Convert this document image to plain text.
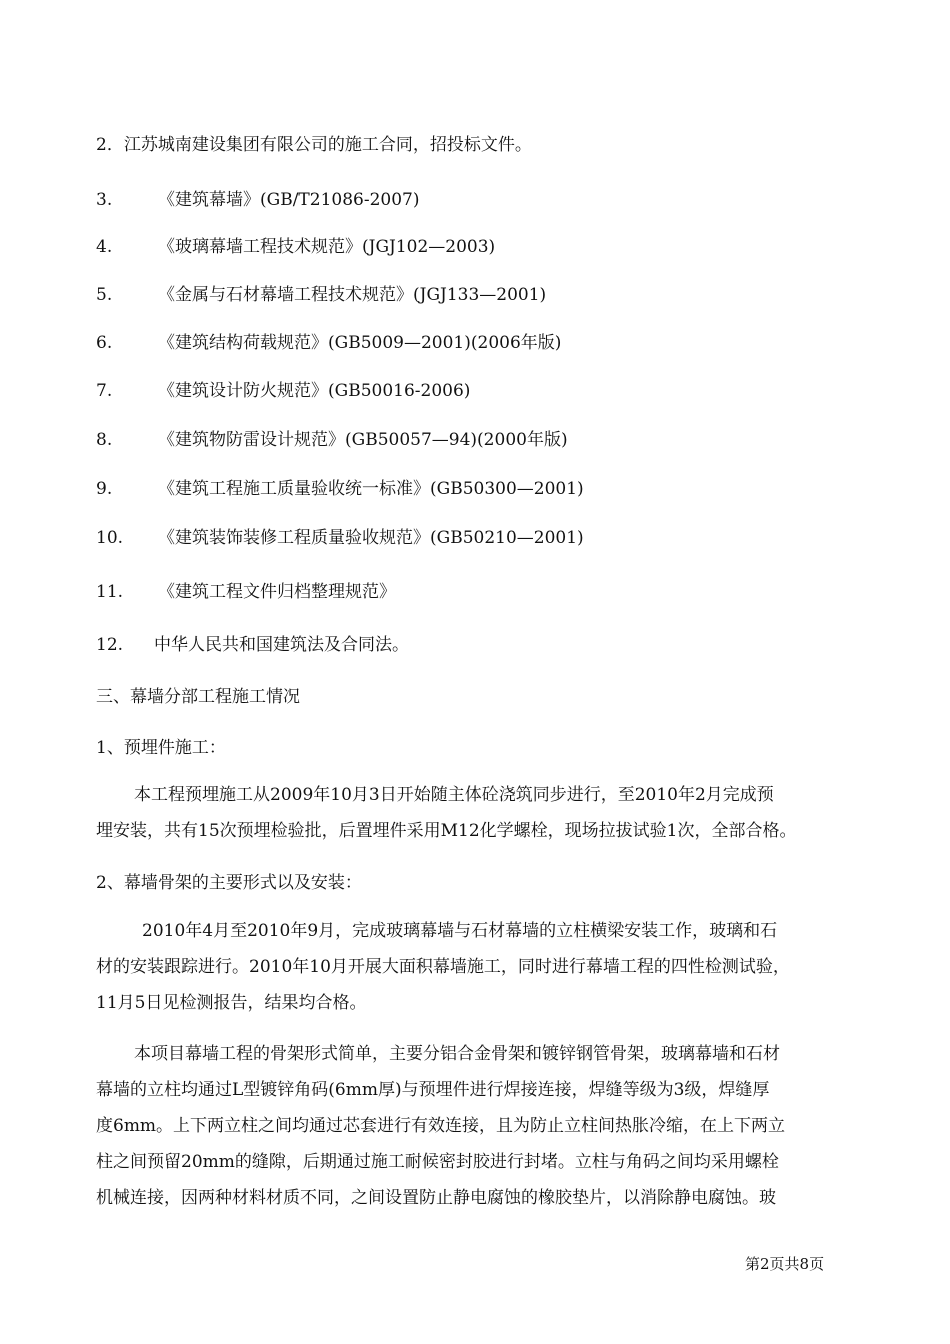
2．江苏城南建设集团有限公司的施工合同，招投标文件。
3.	《建筑幕墙》(GB/T21086-2007)
4.	《玻璃幕墙工程技术规范》(JGJ102—2003)
5.	《金属与石材幕墙工程技术规范》(JGJ133—2001)
6.	《建筑结构荷载规范》(GB5009—2001)(2006年版)
7.	《建筑设计防火规范》(GB50016-2006)
8.	《建筑物防雷设计规范》(GB50057—94)(2000年版)
9.	《建筑工程施工质量验收统一标准》(GB50300—2001)
10. 《建筑装饰装修工程质量验收规范》(GB50210—2001)
11. 《建筑工程文件归档整理规范》
12. 中华人民共和国建筑法及合同法。
三、幕墙分部工程施工情况
1、预埋件施工：
本工程预埋施工从2009年10月3日开始随主体砼浇筑同步进行，至2010年2月完成预
埋安装，共有15次预埋检验批，后置埋件采用M12化学螺栓，现场拉拔试验1次，全部合格。
2、幕墙骨架的主要形式以及安装：
2010年4月至2010年9月，完成玻璃幕墙与石材幕墙的立柱横梁安装工作，玻璃和石
材的安装跟踪进行。2010年10月开展大面积幕墙施工，同时进行幕墙工程的四性检测试验，
11月5日见检测报告，结果均合格。
本项目幕墙工程的骨架形式简单，主要分铝合金骨架和镀锌钢管骨架，玻璃幕墙和石材
幕墙的立柱均通过L型镀锌角码(6mm厚)与预埋件进行焊接连接，焊缝等级为3级，焊缝厚
度6mm。上下两立柱之间均通过芯套进行有效连接，且为防止立柱间热胀冷缩，在上下两立
柱之间预留20mm的缝隙，后期通过施工耐候密封胶进行封堵。立柱与角码之间均采用螺栓
机械连接，因两种材料材质不同，之间设置防止静电腐蚀的橡胶垫片，以消除静电腐蚀。玻
第2页共8页
